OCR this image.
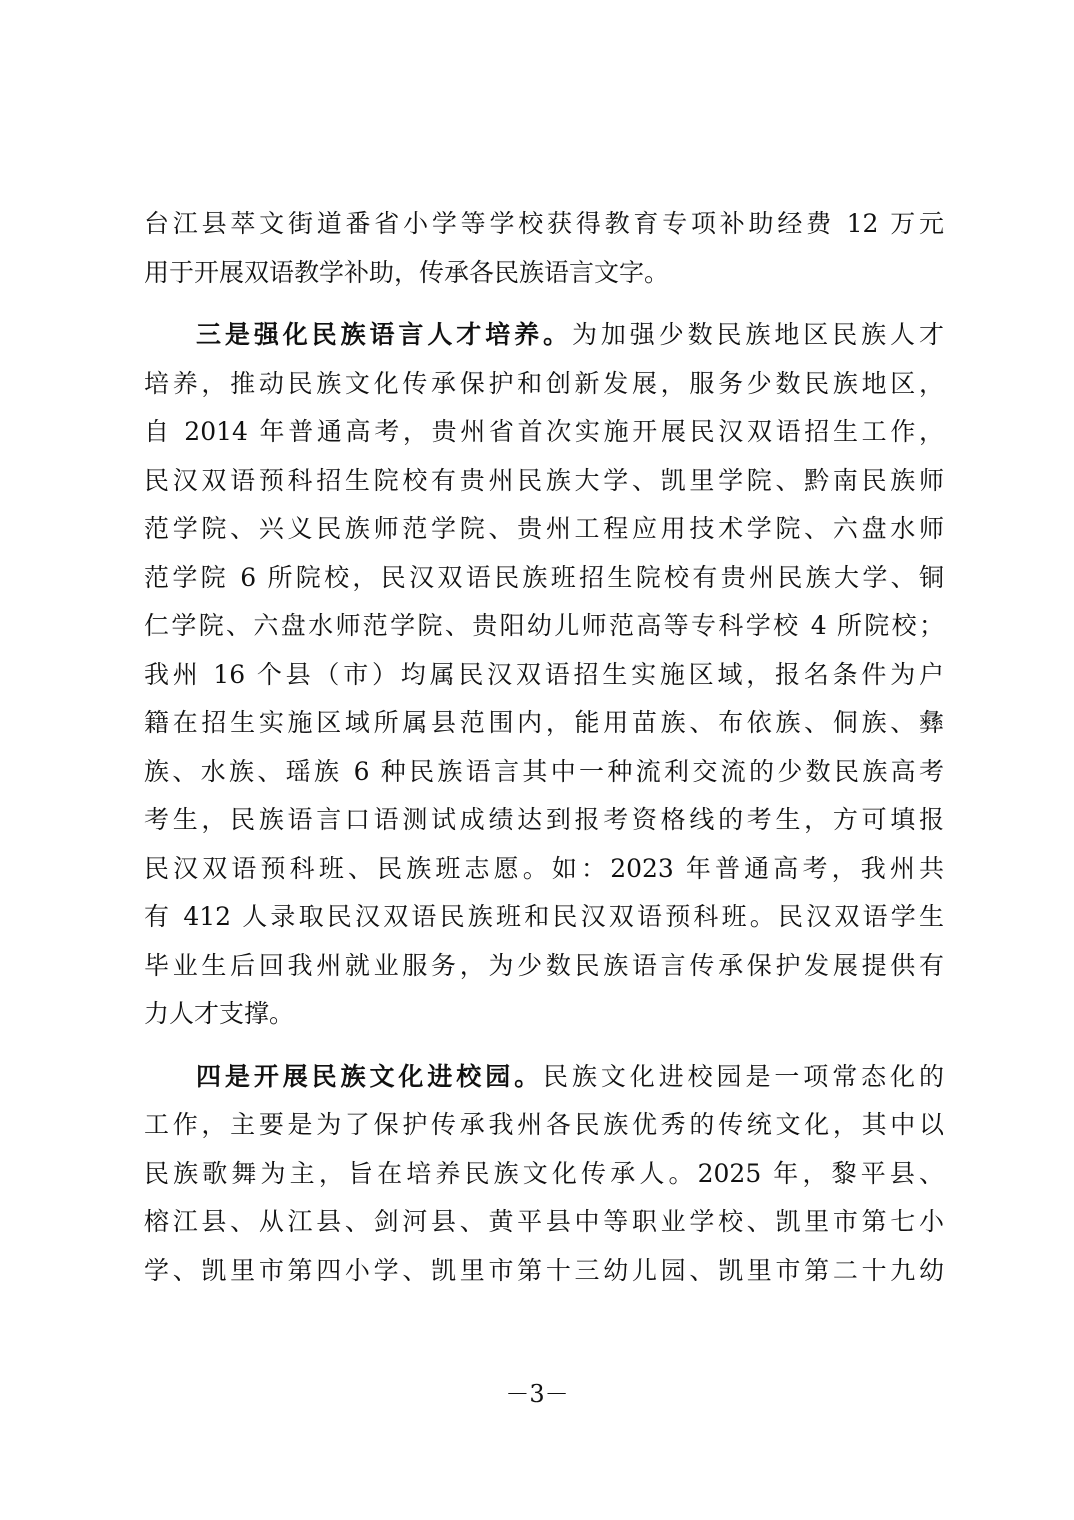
台江县萃文街道番省小学等学校获得教育专项补助经费 12 万元
用于开展双语教学补助，传承各民族语言文字。
三是强化民族语言人才培养。为加强少数民族地区民族人才
培养，推动民族文化传承保护和创新发展，服务少数民族地区，
自 2014 年普通高考，贵州省首次实施开展民汉双语招生工作，
民汉双语预科招生院校有贵州民族大学、凯里学院、黔南民族师
范学院、兴义民族师范学院、贵州工程应用技术学院、六盘水师
范学院 6 所院校，民汉双语民族班招生院校有贵州民族大学、铜
仁学院、六盘水师范学院、贵阳幼儿师范高等专科学校 4 所院校；
我州 16 个县（市）均属民汉双语招生实施区域，报名条件为户
籍在招生实施区域所属县范围内，能用苗族、布依族、侗族、彝
族、水族、瑶族 6 种民族语言其中一种流利交流的少数民族高考
考生，民族语言口语测试成绩达到报考资格线的考生，方可填报
民汉双语预科班、民族班志愿。如：2023 年普通高考，我州共
有 412 人录取民汉双语民族班和民汉双语预科班。民汉双语学生
毕业生后回我州就业服务，为少数民族语言传承保护发展提供有
力人才支撑。
四是开展民族文化进校园。民族文化进校园是一项常态化的
工作，主要是为了保护传承我州各民族优秀的传统文化，其中以
民族歌舞为主，旨在培养民族文化传承人。2025 年，黎平县、
榕江县、从江县、剑河县、黄平县中等职业学校、凯里市第七小
学、凯里市第四小学、凯里市第十三幼儿园、凯里市第二十九幼
－3－
